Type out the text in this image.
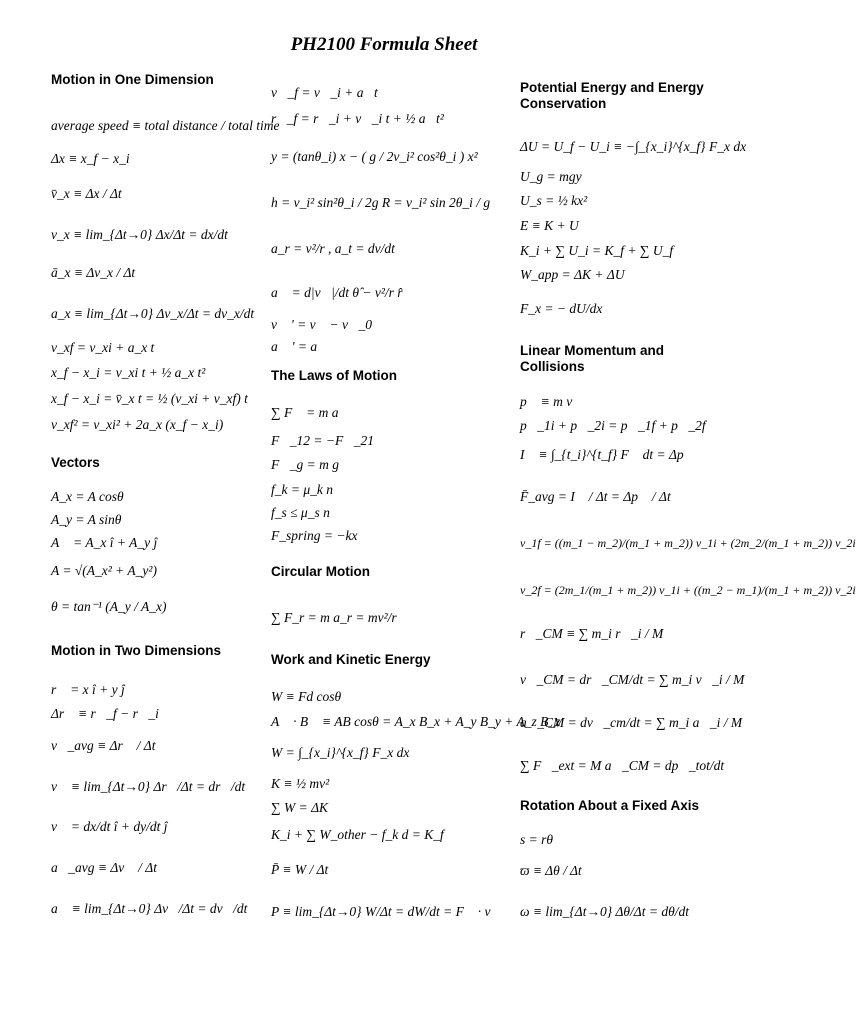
PH2100 Formula Sheet
Motion in One Dimension
average speed ≡ total distance / total time
Δx ≡ x_f − x_i
v̄_x ≡ Δx / Δt
v_x ≡ lim_{Δt→0} Δx/Δt = dx/dt
ā_x ≡ Δv_x / Δt
a_x ≡ lim_{Δt→0} Δv_x/Δt = dv_x/dt
v_xf = v_xi + a_x t
x_f − x_i = v_xi t + ½ a_x t²
x_f − x_i = v̄_x t = ½ (v_xi + v_xf) t
v_xf² = v_xi² + 2a_x (x_f − x_i)
Vectors
A_x = A cosθ
A_y = A sinθ
A⃗ = A_x î + A_y ĵ
A = √(A_x² + A_y²)
θ = tan⁻¹ (A_y / A_x)
Motion in Two Dimensions
r⃗ = x î + y ĵ
Δr⃗ ≡ r⃗_f − r⃗_i
v⃗_avg ≡ Δr⃗ / Δt
v⃗ ≡ lim_{Δt→0} Δr⃗/Δt = dr⃗/dt
v⃗ = dx/dt î + dy/dt ĵ
a⃗_avg ≡ Δv⃗ / Δt
a⃗ ≡ lim_{Δt→0} Δv⃗/Δt = dv⃗/dt
v⃗_f = v⃗_i + a⃗t
r⃗_f = r⃗_i + v⃗_i t + ½ a⃗t²
y = (tanθ_i) x − ( g / 2v_i² cos²θ_i ) x²
h = v_i² sin²θ_i / 2g R = v_i² sin 2θ_i / g
a_r = v²/r , a_t = dv/dt
a⃗ = d|v⃗|/dt θ̂ − v²/r r̂
v⃗ ' = v⃗ − v⃗_0
a⃗ ' = a⃗
The Laws of Motion
∑ F⃗ = m a⃗
F⃗_12 = −F⃗_21
F⃗_g = m g⃗
f_k = μ_k n
f_s ≤ μ_s n
F_spring = −kx
Circular Motion
∑ F_r = m a_r = mv²/r
Work and Kinetic Energy
W ≡ Fd cosθ
A⃗ · B⃗ ≡ AB cosθ = A_x B_x + A_y B_y + A_z B_z
W = ∫_{x_i}^{x_f} F_x dx
K ≡ ½ mv²
∑ W = ΔK
K_i + ∑ W_other − f_k d = K_f
P̄ ≡ W / Δt
P ≡ lim_{Δt→0} W/Δt = dW/dt = F⃗ · v⃗
Potential Energy and Energy Conservation
ΔU = U_f − U_i ≡ −∫_{x_i}^{x_f} F_x dx
U_g = mgy
U_s = ½ kx²
E ≡ K + U
K_i + ∑ U_i = K_f + ∑ U_f
W_app = ΔK + ΔU
F_x = − dU/dx
Linear Momentum and Collisions
p⃗ ≡ m v⃗
p⃗_1i + p⃗_2i = p⃗_1f + p⃗_2f
I⃗ ≡ ∫_{t_i}^{t_f} F⃗ dt = Δp⃗
F̄_avg = I⃗ / Δt = Δp⃗ / Δt
v_1f = ((m_1 − m_2)/(m_1 + m_2)) v_1i + (2m_2/(m_1 + m_2)) v_2i
v_2f = (2m_1/(m_1 + m_2)) v_1i + ((m_2 − m_1)/(m_1 + m_2)) v_2i
r⃗_CM ≡ ∑ m_i r⃗_i / M
v⃗_CM = dr⃗_CM/dt = ∑ m_i v⃗_i / M
a⃗_CM = dv⃗_cm/dt = ∑ m_i a⃗_i / M
∑ F⃗_ext = M a⃗_CM = dp⃗_tot/dt
Rotation About a Fixed Axis
s = rθ
ϖ ≡ Δθ / Δt
ω ≡ lim_{Δt→0} Δθ/Δt = dθ/dt
